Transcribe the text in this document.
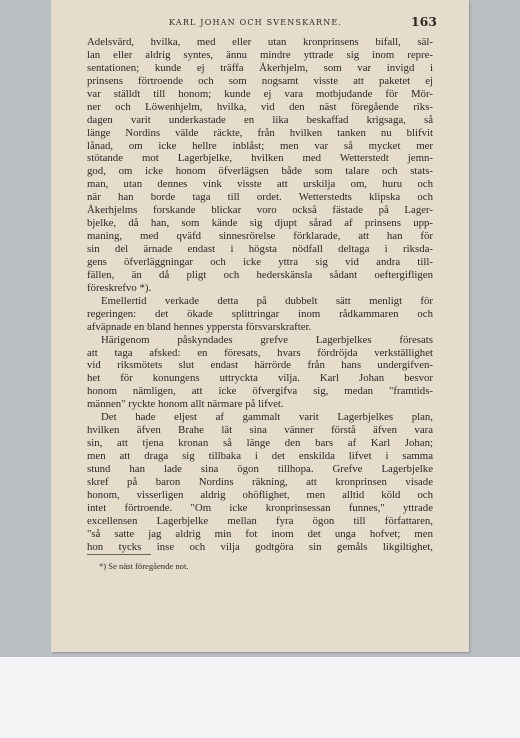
KARL JOHAN OCH SVENSKARNE.	163
Adelsvärd, hvilka, med eller utan kronprinsens bifall, säl-
lan eller aldrig syntes, ännu mindre yttrade sig inom repre-
sentationen; kunde ej träffa Åkerhjelm, som var invigd i
prinsens förtroende och som nogsamt visste att paketet ej
var ställdt till honom; kunde ej vara motbjudande för Mör-
ner och Löwenhjelm, hvilka, vid den näst föregående riks-
dagen varit underkastade en lika beskaffad krigsaga, så
länge Nordins välde räckte, från hvilken tanken nu blifvit
lånad, om icke hellre inblåst; men var så mycket mer
stötande mot Lagerbjelke, hvilken med Wetterstedt jemn-
god, om icke honom öfverlägsen både som talare och stats-
man, utan dennes vink visste att urskilja om, huru och
när han borde taga till ordet. Wetterstedts klipska och
Åkerhjelms forskande blickar voro också fästade på Lager-
bjelke, då han, som kände sig djupt sårad af prinsens upp-
maning, med qväfd sinnesrörelse förklarade, att han för
sin del ärnade endast i högsta nödfall deltaga i riksda-
gens öfverläggningar och icke yttra sig vid andra till-
fällen, än då pligt och hederskänsla sådant oeftergifligen
föreskrefvo *).
Emellertid verkade detta på dubbelt sätt menligt för
regeringen: det ökade splittringar inom rådkammaren och
afväpnade en bland hennes yppersta försvarskrafter.
Härigenom påskyndades grefve Lagerbjelkes föresats
att taga afsked: en föresats, hvars fördröjda verkställighet
vid riksmötets slut endast härrörde från hans undergifven-
het för konungens uttryckta vilja. Karl Johan besvor
honom nämligen, att icke öfvergifva sig, medan "framtids-
männen" ryckte honom allt närmare på lifvet.
Det hade eljest af gammalt varit Lagerbjelkes plan,
hvilken äfven Brahe lät sina vänner förstå äfven vara
sin, att tjena kronan så länge den bars af Karl Johan;
men att draga sig tillbaka i det enskilda lifvet i samma
stund han lade sina ögon tillhopa. Grefve Lagerbjelke
skref på baron Nordins räkning, att kronprinsen visade
honom, visserligen aldrig ohöflighet, men alltid köld och
intet förtroende. "Om icke kronprinsessan funnes," yttrade
excellensen Lagerbjelke mellan fyra ögon till författaren,
"så satte jag aldrig min fot inom det unga hofvet; men
hon tycks inse och vilja godtgöra sin gemåls likgiltighet,
*) Se näst föregående not.
